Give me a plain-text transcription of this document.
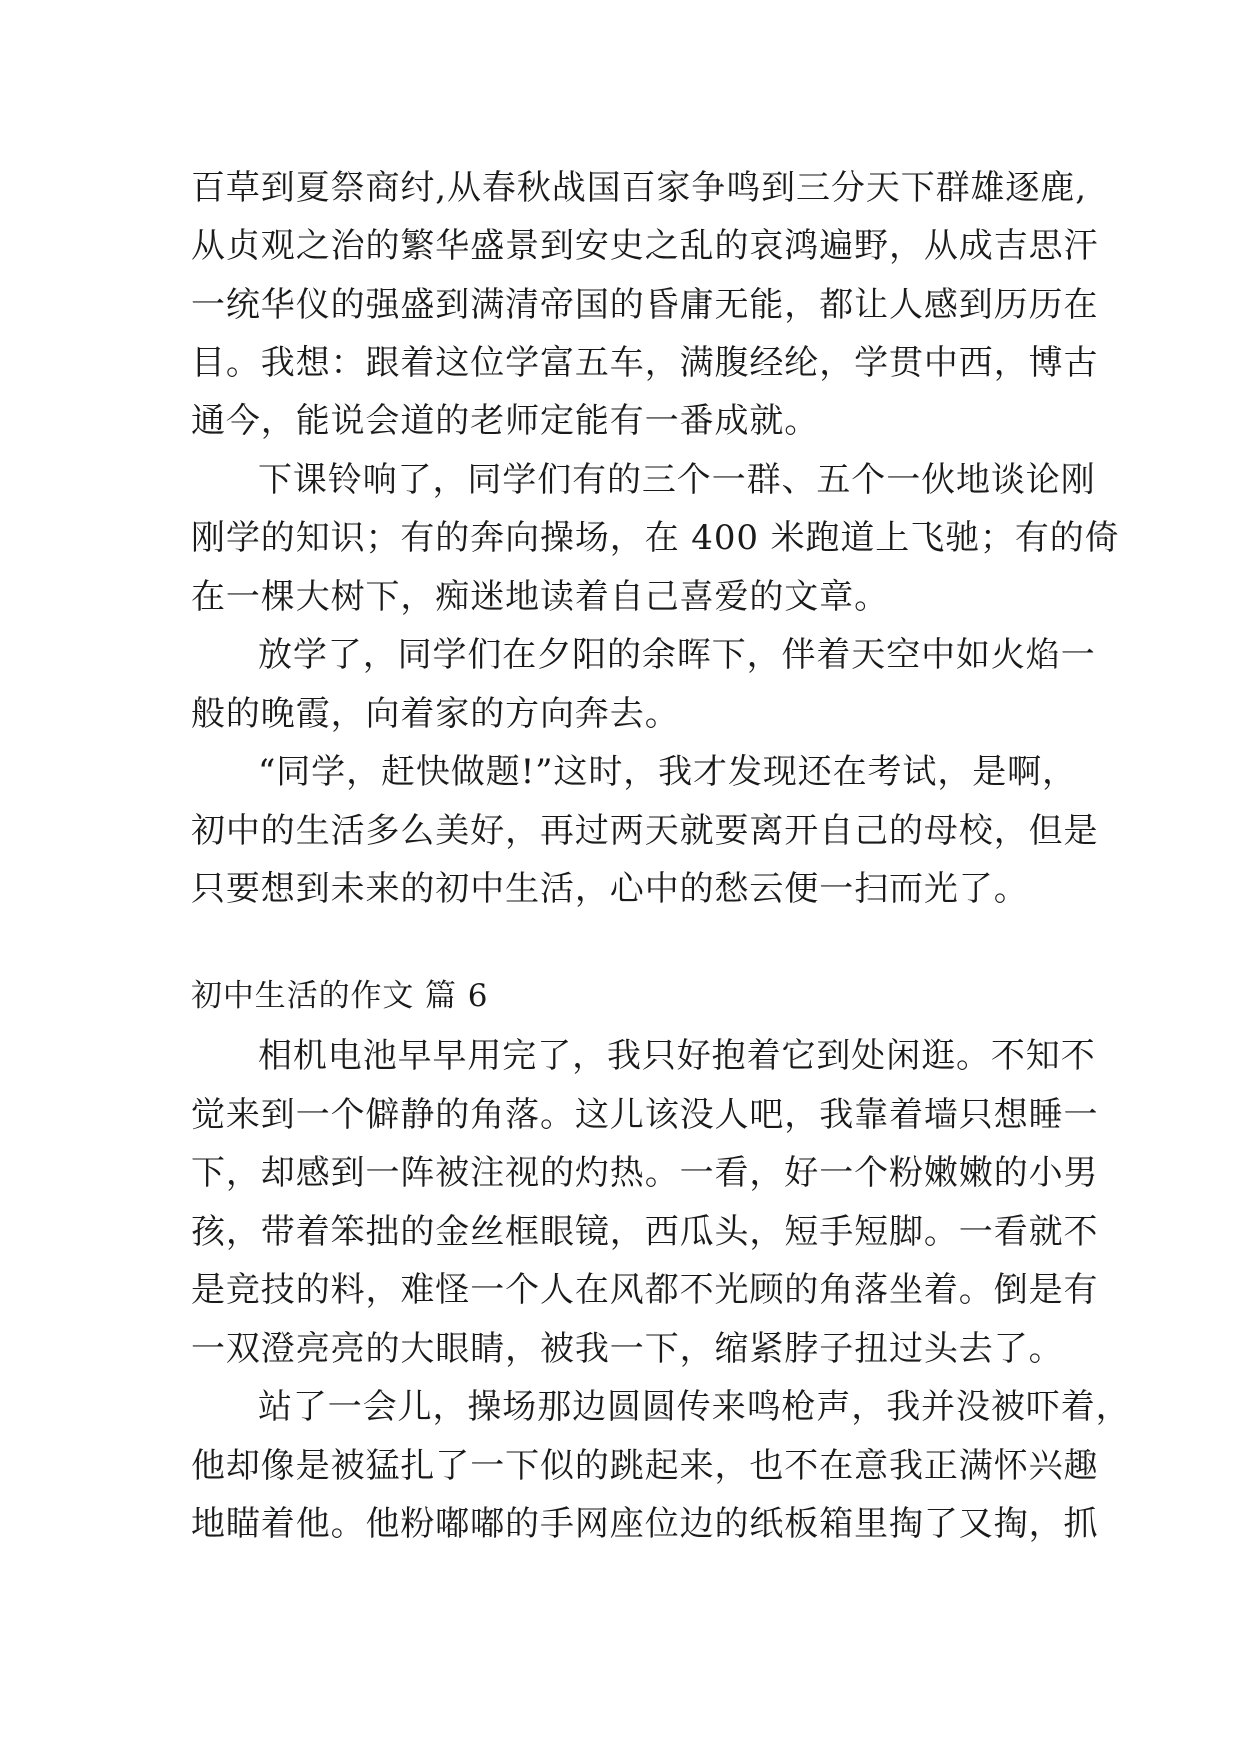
百草到夏祭商纣,从春秋战国百家争鸣到三分天下群雄逐鹿,
从贞观之治的繁华盛景到安史之乱的哀鸿遍野，从成吉思汗
一统华仪的强盛到满清帝国的昏庸无能，都让人感到历历在
目。我想：跟着这位学富五车，满腹经纶，学贯中西，博古
通今，能说会道的老师定能有一番成就。
下课铃响了，同学们有的三个一群、五个一伙地谈论刚
刚学的知识；有的奔向操场，在 400 米跑道上飞驰；有的倚
在一棵大树下，痴迷地读着自己喜爱的文章。
放学了，同学们在夕阳的余晖下，伴着天空中如火焰一
般的晚霞，向着家的方向奔去。
“同学，赶快做题!”这时，我才发现还在考试，是啊，
初中的生活多么美好，再过两天就要离开自己的母校，但是
只要想到未来的初中生活，心中的愁云便一扫而光了。
初中生活的作文 篇 6
相机电池早早用完了，我只好抱着它到处闲逛。不知不
觉来到一个僻静的角落。这儿该没人吧，我靠着墙只想睡一
下，却感到一阵被注视的灼热。一看，好一个粉嫩嫩的小男
孩，带着笨拙的金丝框眼镜，西瓜头，短手短脚。一看就不
是竞技的料，难怪一个人在风都不光顾的角落坐着。倒是有
一双澄亮亮的大眼睛，被我一下，缩紧脖子扭过头去了。
站了一会儿，操场那边圆圆传来鸣枪声，我并没被吓着，
他却像是被猛扎了一下似的跳起来，也不在意我正满怀兴趣
地瞄着他。他粉嘟嘟的手网座位边的纸板箱里掏了又掏，抓
